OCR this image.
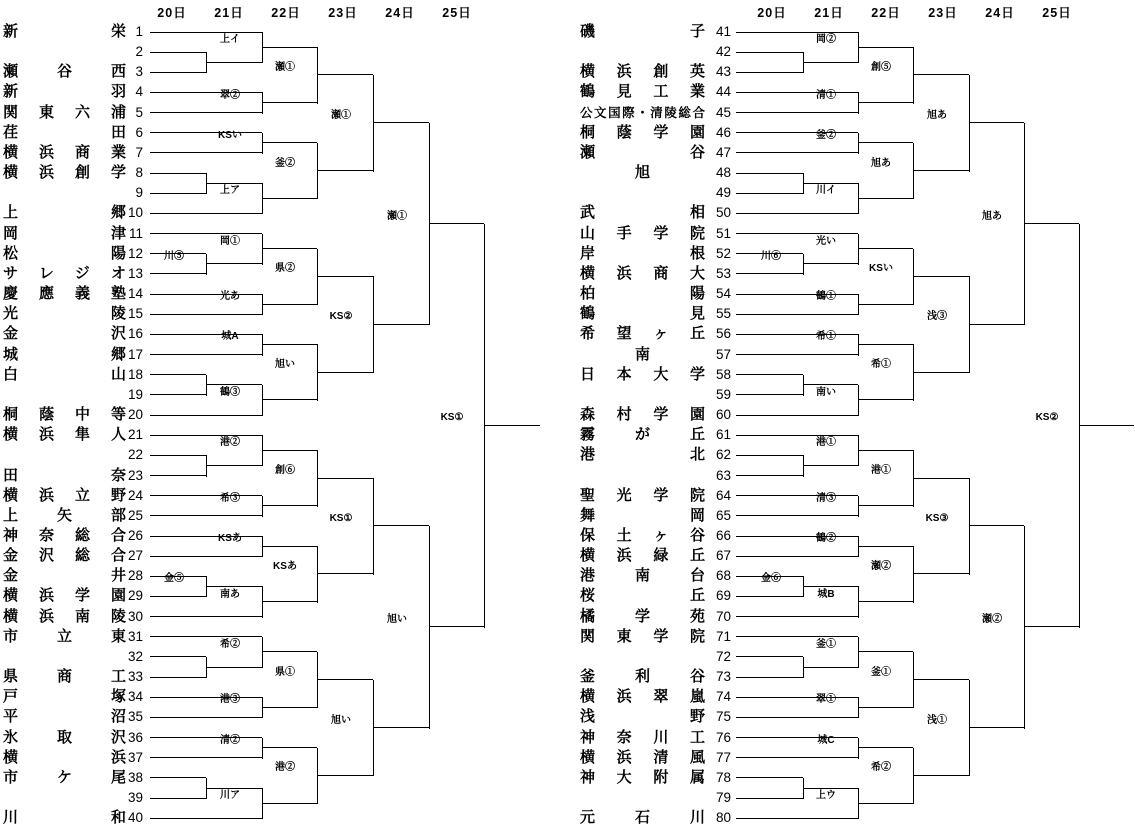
20日 21日 22日 23日 24日 25日
新栄 1
2
瀬谷西 3
新羽 4
関東六浦 5
荏田 6
横浜商業 7
横浜創学 8
9
上郷 10
岡津 11
松陽 12
サレジオ 13
慶應義塾 14
光陵 15
金沢 16
城郷 17
白山 18
19
桐蔭中等 20
横浜隼人 21
22
田奈 23
横浜立野 24
上矢部 25
神奈総合 26
金沢総合 27
金井 28
横浜学園 29
横浜南陵 30
市立東 31
32
県商工 33
戸塚 34
平沼 35
氷取沢 36
横浜 37
市ケ尾 38
39
川和 40
川⑤
金⑤
上イ
翠②
KSい
上ア
岡①
光あ
城A
鶴③
港②
希③
KSあ
南あ
希②
港③
清②
川ア
瀬①
釜②
県②
旭い
創⑥
KSあ
県①
港②
瀬①
KS②
KS①
旭い
瀬①
旭い
KS①
20日 21日 22日 23日 24日 25日
磯子 41
42
横浜創英 43
鶴見工業 44
公文国際・清陵総合 45
桐蔭学園 46
瀬谷 47
旭	48
49
武相 50
山手学院 51
岸根 52
横浜商大 53
柏陽 54
鶴見 55
希望ヶ丘 56
南	57
日本大学 58
59
森村学園 60
霧が丘 61
港北 62
63
聖光学院 64
舞岡 65
保土ヶ谷 66
横浜緑丘 67
港南台 68
桜丘 69
橘学苑 70
関東学院 71
72
釜利谷 73
横浜翠嵐 74
浅野 75
神奈川工 76
横浜清風 77
神大附属 78
79
元石川 80
川⑥
金⑥
岡②
清①
釜②
川イ
光い
鶴①
希①
南い
港①
清③
鶴②
城B
釜①
翠①
城C
上ウ
創⑤
旭あ
KSい
希①
港①
瀬②
釜①
希②
旭あ
浅③
KS③
浅①
旭あ
瀬②
KS②
